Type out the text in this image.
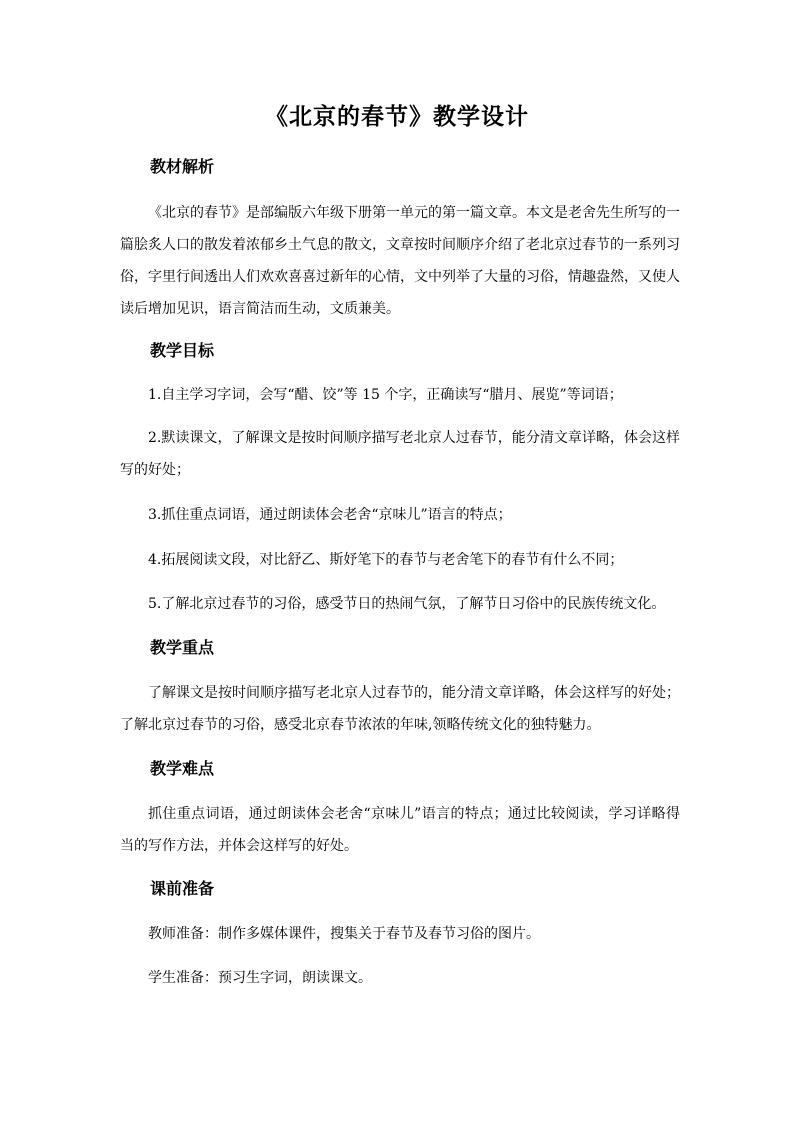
《北京的春节》教学设计
教材解析
《北京的春节》是部编版六年级下册第一单元的第一篇文章。本文是老舍先生所写的一篇脍炙人口的散发着浓郁乡土气息的散文，文章按时间顺序介绍了老北京过春节的一系列习俗，字里行间透出人们欢欢喜喜过新年的心情，文中列举了大量的习俗，情趣盎然，又使人读后增加见识，语言简洁而生动，文质兼美。
教学目标
1.自主学习字词，会写“醋、饺”等 15 个字，正确读写“腊月、展览”等词语；
2.默读课文，了解课文是按时间顺序描写老北京人过春节，能分清文章详略，体会这样写的好处；
3.抓住重点词语，通过朗读体会老舍“京味儿”语言的特点；
4.拓展阅读文段，对比舒乙、斯妤笔下的春节与老舍笔下的春节有什么不同；
5.了解北京过春节的习俗，感受节日的热闹气氛，了解节日习俗中的民族传统文化。
教学重点
了解课文是按时间顺序描写老北京人过春节的，能分清文章详略，体会这样写的好处；了解北京过春节的习俗，感受北京春节浓浓的年味,领略传统文化的独特魅力。
教学难点
抓住重点词语，通过朗读体会老舍“京味儿”语言的特点；通过比较阅读，学习详略得当的写作方法，并体会这样写的好处。
课前准备
教师准备：制作多媒体课件，搜集关于春节及春节习俗的图片。
学生准备：预习生字词，朗读课文。
